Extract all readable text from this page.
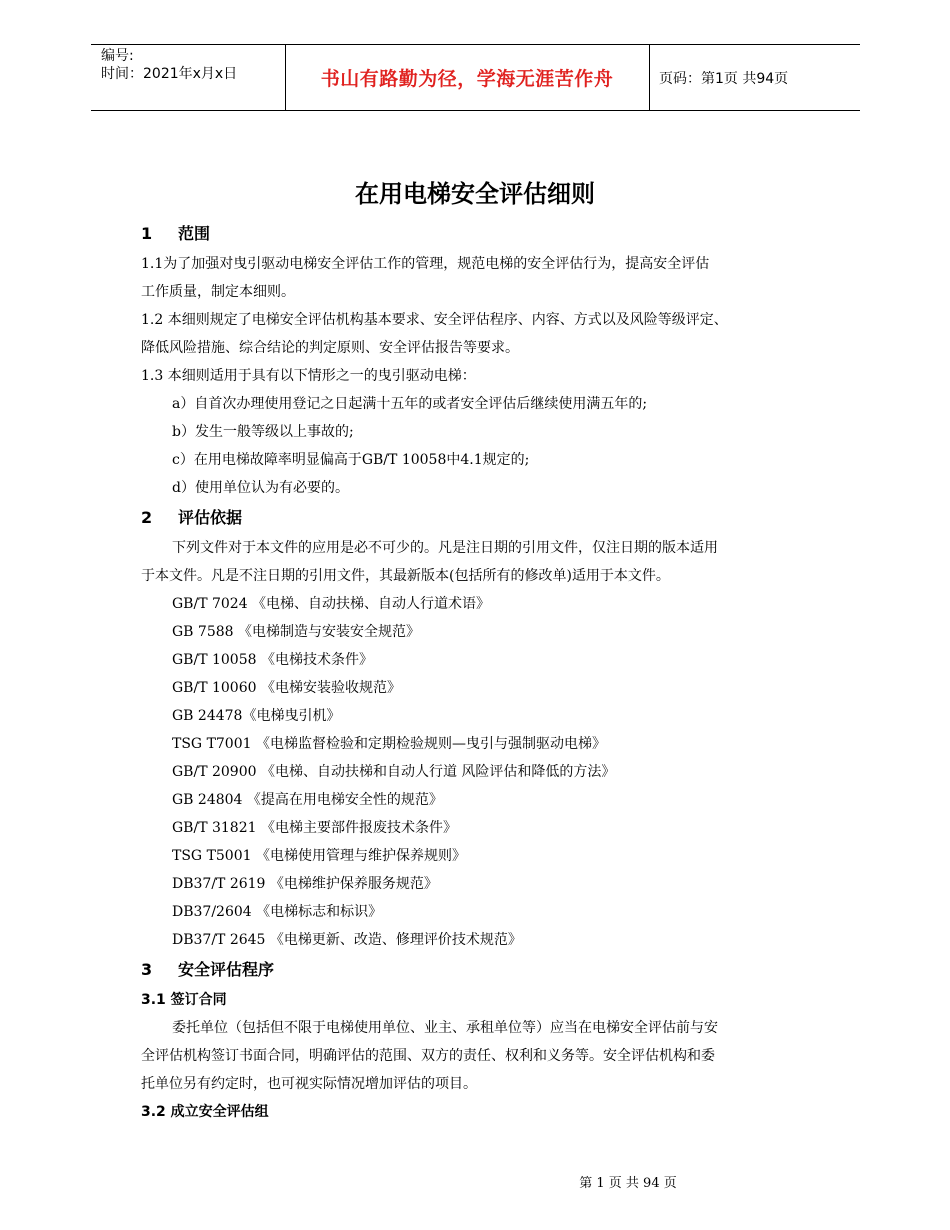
编号:
时间：2021年x月x日	书山有路勤为径，学海无涯苦作舟	页码：第1页 共94页
在用电梯安全评估细则
1 范围
1.1为了加强对曳引驱动电梯安全评估工作的管理，规范电梯的安全评估行为，提高安全评估
工作质量，制定本细则。
1.2 本细则规定了电梯安全评估机构基本要求、安全评估程序、内容、方式以及风险等级评定、
降低风险措施、综合结论的判定原则、安全评估报告等要求。
1.3 本细则适用于具有以下情形之一的曳引驱动电梯：
a）自首次办理使用登记之日起满十五年的或者安全评估后继续使用满五年的;
b）发生一般等级以上事故的;
c）在用电梯故障率明显偏高于GB/T 10058中4.1规定的;
d）使用单位认为有必要的。
2 评估依据
下列文件对于本文件的应用是必不可少的。凡是注日期的引用文件，仅注日期的版本适用
于本文件。凡是不注日期的引用文件，其最新版本(包括所有的修改单)适用于本文件。
GB/T 7024 《电梯、自动扶梯、自动人行道术语》
GB 7588 《电梯制造与安装安全规范》
GB/T 10058 《电梯技术条件》
GB/T 10060 《电梯安装验收规范》
GB 24478《电梯曳引机》
TSG T7001 《电梯监督检验和定期检验规则—曳引与强制驱动电梯》
GB/T 20900 《电梯、自动扶梯和自动人行道 风险评估和降低的方法》
GB 24804 《提高在用电梯安全性的规范》
GB/T 31821 《电梯主要部件报废技术条件》
TSG T5001 《电梯使用管理与维护保养规则》
DB37/T 2619 《电梯维护保养服务规范》
DB37/2604 《电梯标志和标识》
DB37/T 2645 《电梯更新、改造、修理评价技术规范》
3 安全评估程序
3.1 签订合同
委托单位（包括但不限于电梯使用单位、业主、承租单位等）应当在电梯安全评估前与安
全评估机构签订书面合同，明确评估的范围、双方的责任、权利和义务等。安全评估机构和委
托单位另有约定时，也可视实际情况增加评估的项目。
3.2 成立安全评估组
第 1 页 共 94 页
